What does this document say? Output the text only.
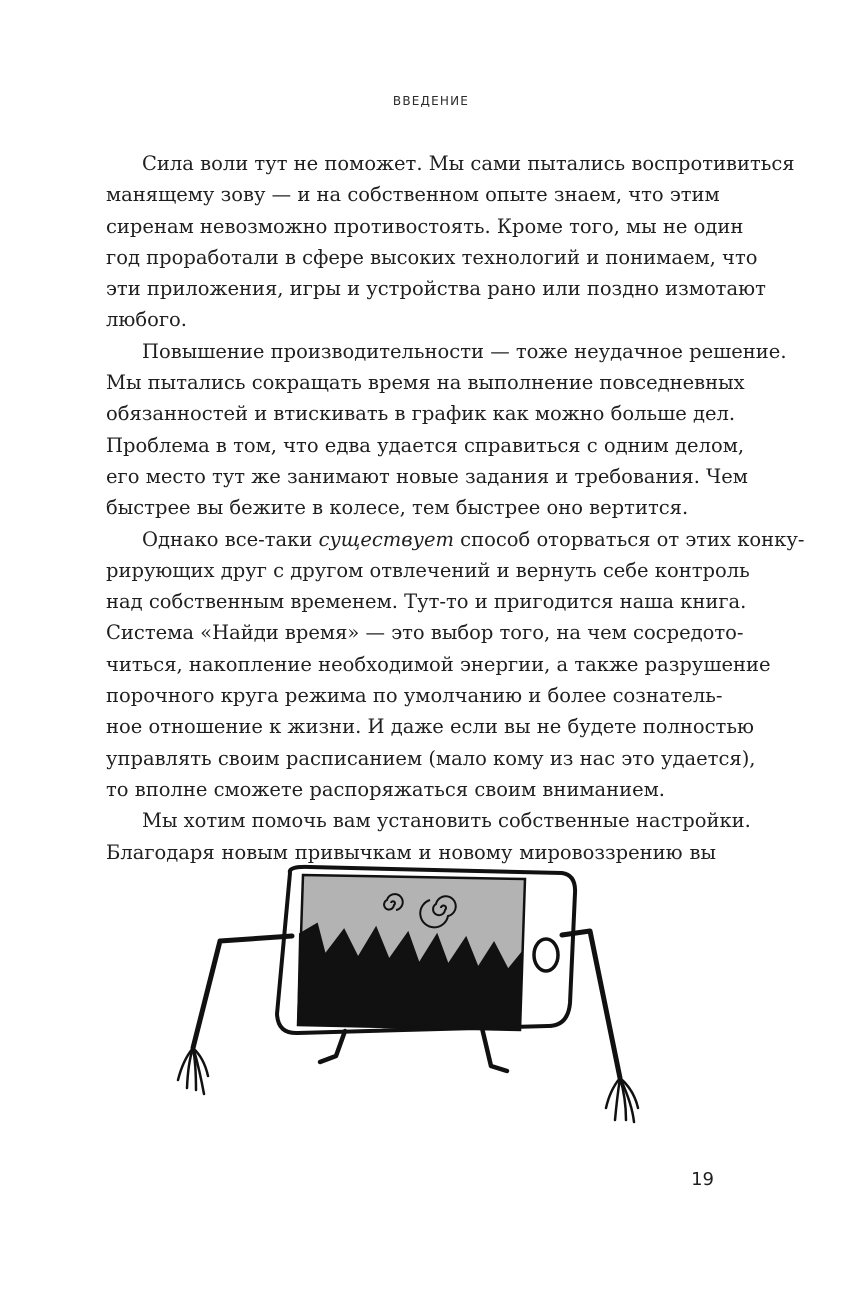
ВВЕДЕНИЕ
Сила воли тут не поможет. Мы сами пытались воспротивиться
манящему зову — и на собственном опыте знаем, что этим
сиренам невозможно противостоять. Кроме того, мы не один
год проработали в сфере высоких технологий и понимаем, что
эти приложения, игры и устройства рано или поздно измотают
любого.
Повышение производительности — тоже неудачное решение.
Мы пытались сокращать время на выполнение повседневных
обязанностей и втискивать в график как можно больше дел.
Проблема в том, что едва удается справиться с одним делом,
его место тут же занимают новые задания и требования. Чем
быстрее вы бежите в колесе, тем быстрее оно вертится.
Однако все-таки существует способ оторваться от этих конку-
рирующих друг с другом отвлечений и вернуть себе контроль
над собственным временем. Тут-то и пригодится наша книга.
Система «Найди время» — это выбор того, на чем сосредото-
читься, накопление необходимой энергии, а также разрушение
порочного круга режима по умолчанию и более сознатель-
ное отношение к жизни. И даже если вы не будете полностью
управлять своим расписанием (мало кому из нас это удается),
то вполне сможете распоряжаться своим вниманием.
Мы хотим помочь вам установить собственные настройки.
Благодаря новым привычкам и новому мировоззрению вы
19
